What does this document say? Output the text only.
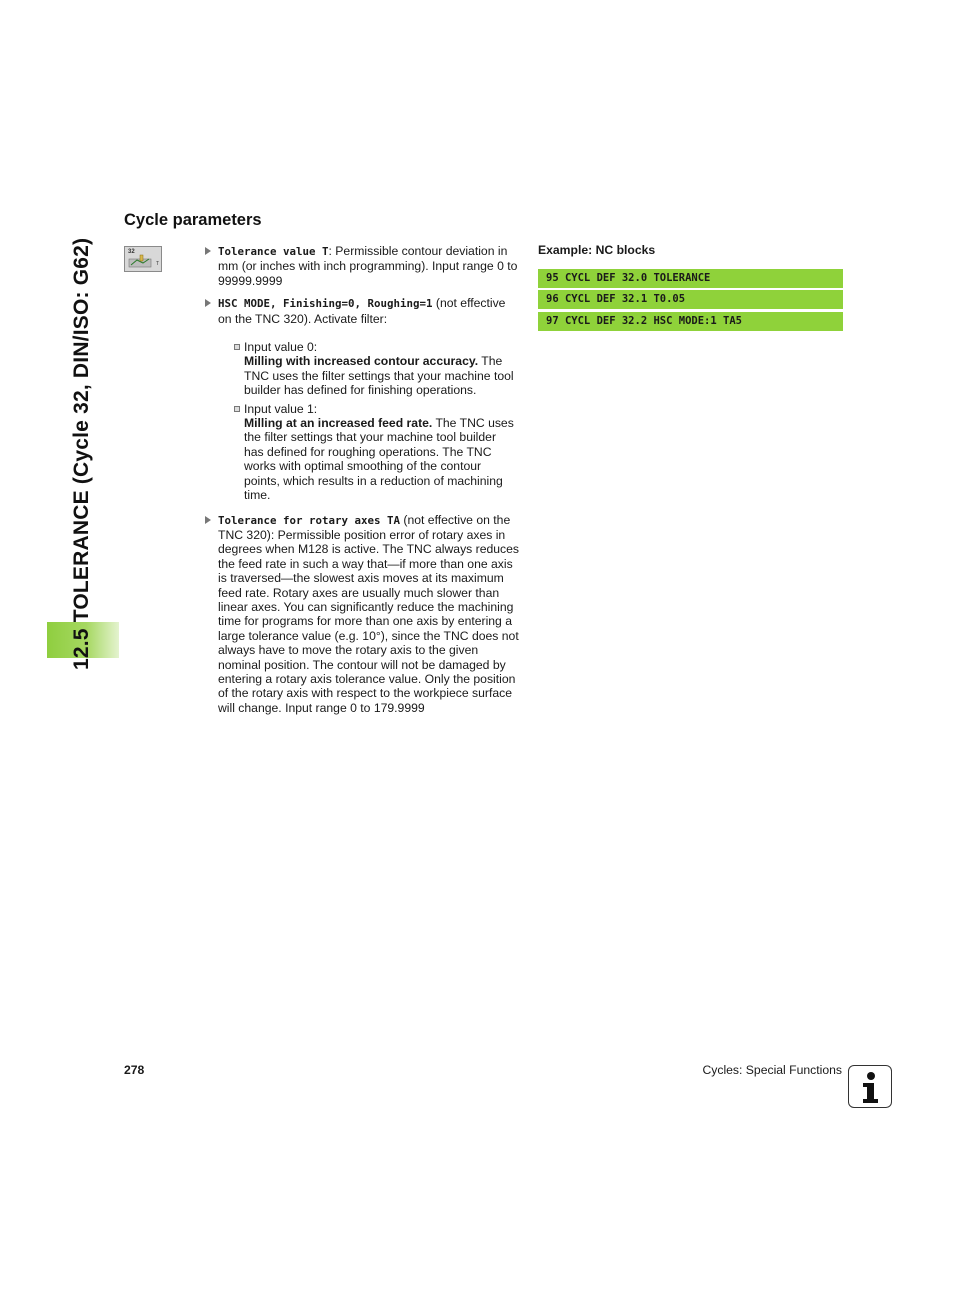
12.5 TOLERANCE (Cycle 32, DIN/ISO: G62)
Cycle parameters
T
32	Tolerance value T: Permissible contour deviation in mm (or inches with inch programming). Input range 0 to 99999.9999
HSC MODE, Finishing=0, Roughing=1 (not effective on the TNC 320). Activate filter:
Input value 0:
Milling with increased contour accuracy. The TNC uses the filter settings that your machine tool builder has defined for finishing operations.
Input value 1:
Milling at an increased feed rate. The TNC uses the filter settings that your machine tool builder has defined for roughing operations. The TNC works with optimal smoothing of the contour points, which results in a reduction of machining time.
Tolerance for rotary axes TA (not effective on the TNC 320): Permissible position error of rotary axes in degrees when M128 is active. The TNC always reduces the feed rate in such a way that—if more than one axis is traversed—the slowest axis moves at its maximum feed rate. Rotary axes are usually much slower than linear axes. You can significantly reduce the machining time for programs for more than one axis by entering a large tolerance value (e.g. 10°), since the TNC does not always have to move the rotary axis to the given nominal position. The contour will not be damaged by entering a rotary axis tolerance value. Only the position of the rotary axis with respect to the workpiece surface will change. Input range 0 to 179.9999
Example: NC blocks
95 CYCL DEF 32.0 TOLERANCE
96 CYCL DEF 32.1 T0.05
97 CYCL DEF 32.2 HSC MODE:1 TA5
278	Cycles: Special Functions
